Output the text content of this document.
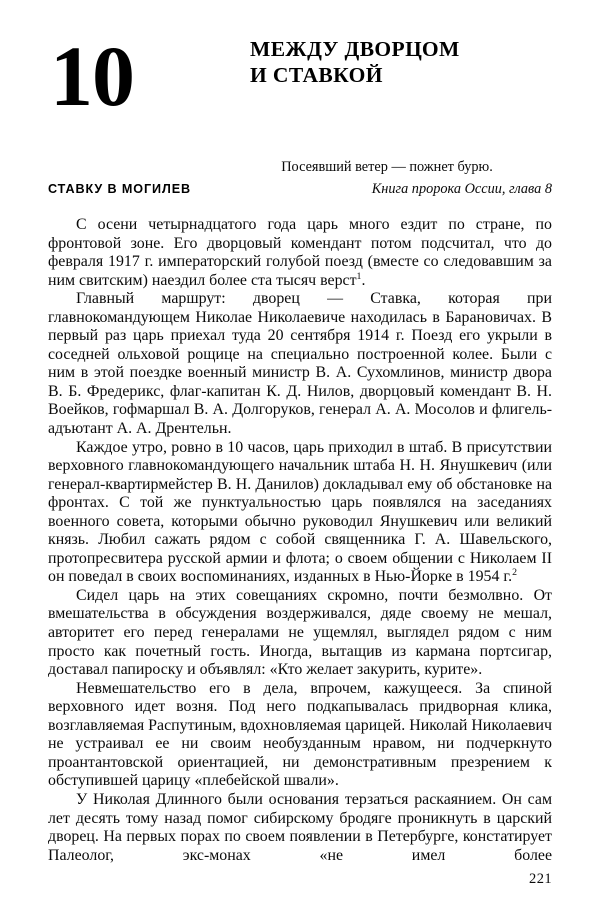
10	МЕЖДУ ДВОРЦОМ
И СТАВКОЙ
Посеявший ветер — пожнет бурю.
Книга пророка Оссии, глава 8
СТАВКУ В МОГИЛЕВ

С осени четырнадцатого года царь много ездит по стране, по фронтовой зоне. Его дворцовый комендант потом подсчитал, что до февраля 1917 г. императорский голубой поезд (вместе со следовавшим за ним свитским) наездил более ста тысяч верст$^1$.

Главный маршрут: дворец — Ставка, которая при главнокомандующем Николае Николаевиче находилась в Барановичах. В первый раз царь приехал туда 20 сентября 1914 г. Поезд его укрыли в соседней ольховой рощице на специально построенной колее. Были с ним в этой поездке военный министр В. А. Сухомлинов, министр двора В. Б. Фредерикс, флаг-капитан К. Д. Нилов, дворцовый комендант В. Н. Воейков, гофмаршал В. А. Долгоруков, генерал А. А. Мосолов и флигель-адъютант А. А. Дрентельн.

Каждое утро, ровно в 10 часов, царь приходил в штаб. В присутствии верховного главнокомандующего начальник штаба Н. Н. Янушкевич (или генерал-квартирмейстер В. Н. Данилов) докладывал ему об обстановке на фронтах. С той же пунктуальностью царь появлялся на заседаниях военного совета, которыми обычно руководил Янушкевич или великий князь. Любил сажать рядом с собой священника Г. А. Шавельского, протопресвитера русской армии и флота; о своем общении с Николаем II он поведал в своих воспоминаниях, изданных в Нью-Йорке в 1954 г.$^2$

Сидел царь на этих совещаниях скромно, почти безмолвно. От вмешательства в обсуждения воздерживался, дяде своему не мешал, авторитет его перед генералами не ущемлял, выглядел рядом с ним просто как почетный гость. Иногда, вытащив из кармана портсигар, доставал папироску и объявлял: «Кто желает закурить, курите».

Невмешательство его в дела, впрочем, кажущееся. За спиной верховного идет возня. Под него подкапывалась придворная клика, возглавляемая Распутиным, вдохновляемая царицей. Николай Николаевич не устраивал ее ни своим необузданным нравом, ни подчеркнуто проантантовской ориентацией, ни демонстративным презрением к обступившей царицу «плебейской швали».

У Николая Длинного были основания терзаться раскаянием. Он сам лет десять тому назад помог сибирскому бродяге проникнуть в царский дворец. На первых порах по своем появлении в Петербурге, констатирует Палеолог, экс-монах «не имел более

221
